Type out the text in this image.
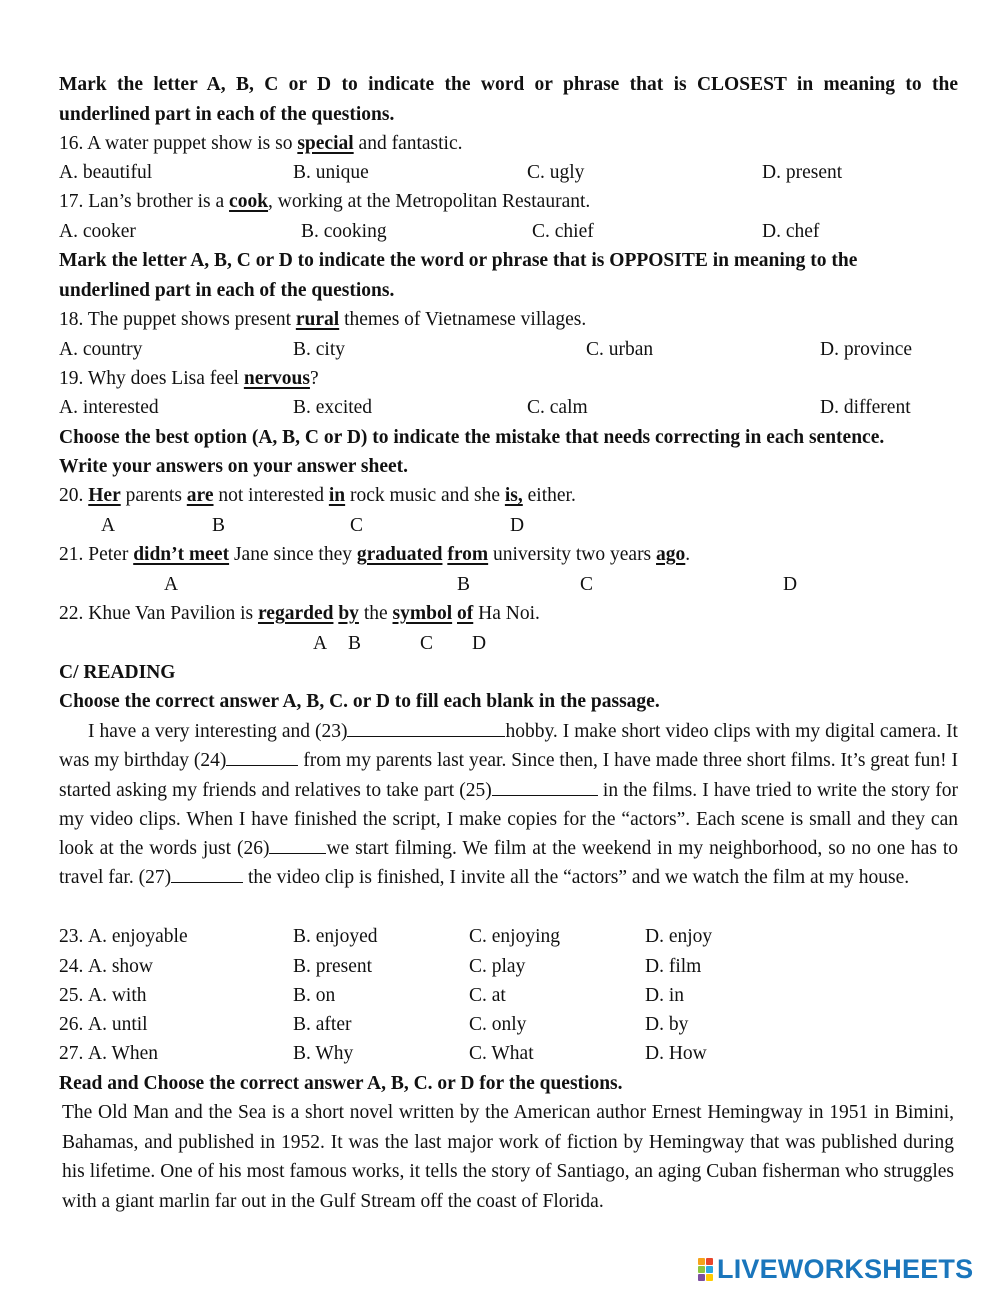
Mark the letter A, B, C or D to indicate the word or phrase that is CLOSEST in meaning to the
underlined part in each of the questions.
16. A water puppet show is so special and fantastic.
A. beautiful	B. unique	C. ugly	D. present
17. Lan’s brother is a cook, working at the Metropolitan Restaurant.
A. cooker	B. cooking	C. chief	D. chef
Mark the letter A, B, C or D to indicate the word or phrase that is OPPOSITE in meaning to the
underlined part in each of the questions.
18. The puppet shows present rural themes of Vietnamese villages.
A. country	B. city	C. urban	D. province
19. Why does Lisa feel nervous?
A. interested	B. excited	C. calm	D. different
Choose the best option (A, B, C or D) to indicate the mistake that needs correcting in each sentence.
Write your answers on your answer sheet.
20. Her parents are not interested in rock music and she is, either.
A	B	C	D
21. Peter didn’t meet Jane since they graduated from university two years ago.
A	B	C	D
22. Khue Van Pavilion is regarded by the symbol of Ha Noi.
A B	C D
C/ READING
Choose the correct answer A, B, C. or D to fill each blank in the passage.
I have a very interesting and (23)	hobby. I make short video clips with my digital camera. It was my birthday (24)	from my parents last year. Since then, I have made three short films. It’s great fun! I started asking my friends and relatives to take part (25)	in the films. I have tried to write the story for my video clips. When I have finished the script, I make copies for the “actors”. Each scene is small and they can look at the words just (26)	we start filming. We film at the weekend in my neighborhood, so no one has to travel far. (27)	the video clip is finished, I invite all the “actors” and we watch the film at my house.
23. A. enjoyable	B. enjoyed	C. enjoying	D. enjoy
24. A. show	B. present	C. play	D. film
25. A. with	B. on	C. at	D. in
26. A. until	B. after	C. only	D. by
27. A. When	B. Why	C. What	D. How
Read and Choose the correct answer A, B, C. or D for the questions.
The Old Man and the Sea is a short novel written by the American author Ernest Hemingway in 1951 in Bimini, Bahamas, and published in 1952. It was the last major work of fiction by Hemingway that was published during his lifetime. One of his most famous works, it tells the story of Santiago, an aging Cuban fisherman who struggles with a giant marlin far out in the Gulf Stream off the coast of Florida.
LIVEWORKSHEETS
